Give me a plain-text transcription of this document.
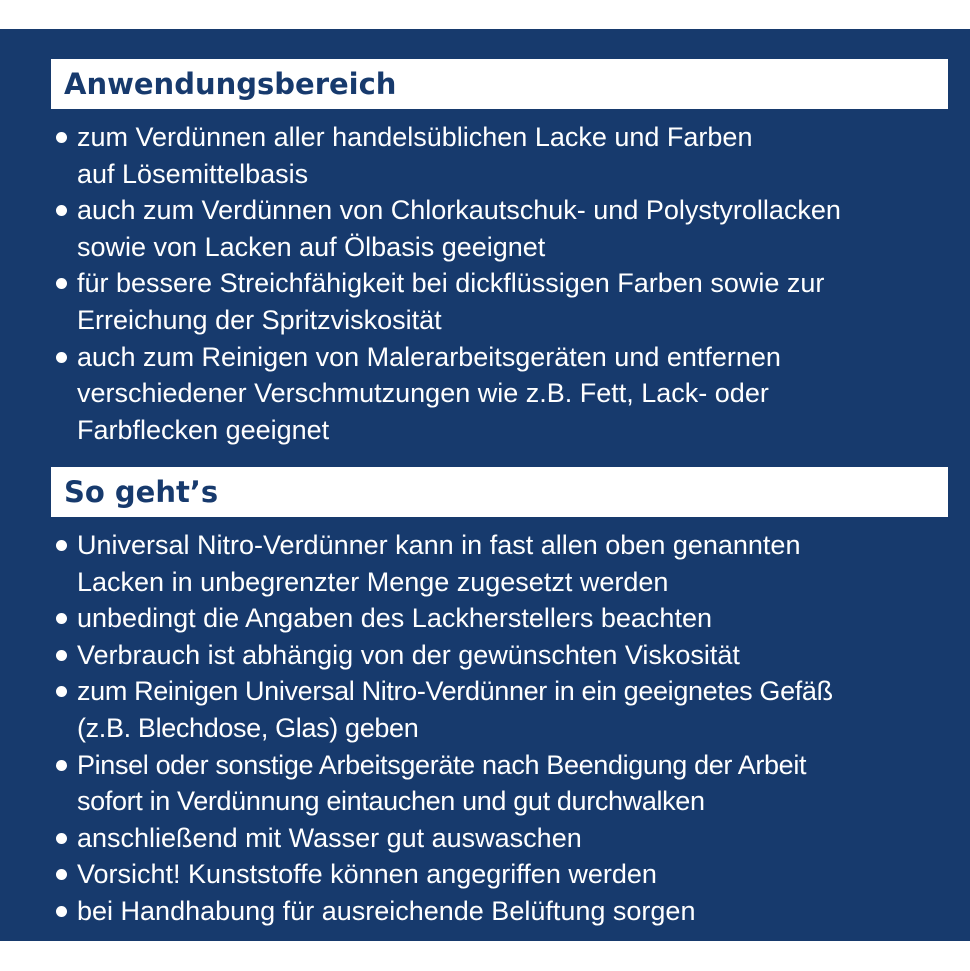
Anwendungsbereich
zum Verdünnen aller handelsüblichen Lacke und Farben
auf Lösemittelbasis
auch zum Verdünnen von Chlorkautschuk- und Polystyrollacken
sowie von Lacken auf Ölbasis geeignet
für bessere Streichfähigkeit bei dickflüssigen Farben sowie zur
Erreichung der Spritzviskosität
auch zum Reinigen von Malerarbeitsgeräten und entfernen
verschiedener Verschmutzungen wie z.B. Fett, Lack- oder
Farbflecken geeignet
So geht’s
Universal Nitro-Verdünner kann in fast allen oben genannten
Lacken in unbegrenzter Menge zugesetzt werden
unbedingt die Angaben des Lackherstellers beachten
Verbrauch ist abhängig von der gewünschten Viskosität
zum Reinigen Universal Nitro-Verdünner in ein geeignetes Gefäß
(z.B. Blechdose, Glas) geben
Pinsel oder sonstige Arbeitsgeräte nach Beendigung der Arbeit
sofort in Verdünnung eintauchen und gut durchwalken
anschließend mit Wasser gut auswaschen
Vorsicht! Kunststoffe können angegriffen werden
bei Handhabung für ausreichende Belüftung sorgen
